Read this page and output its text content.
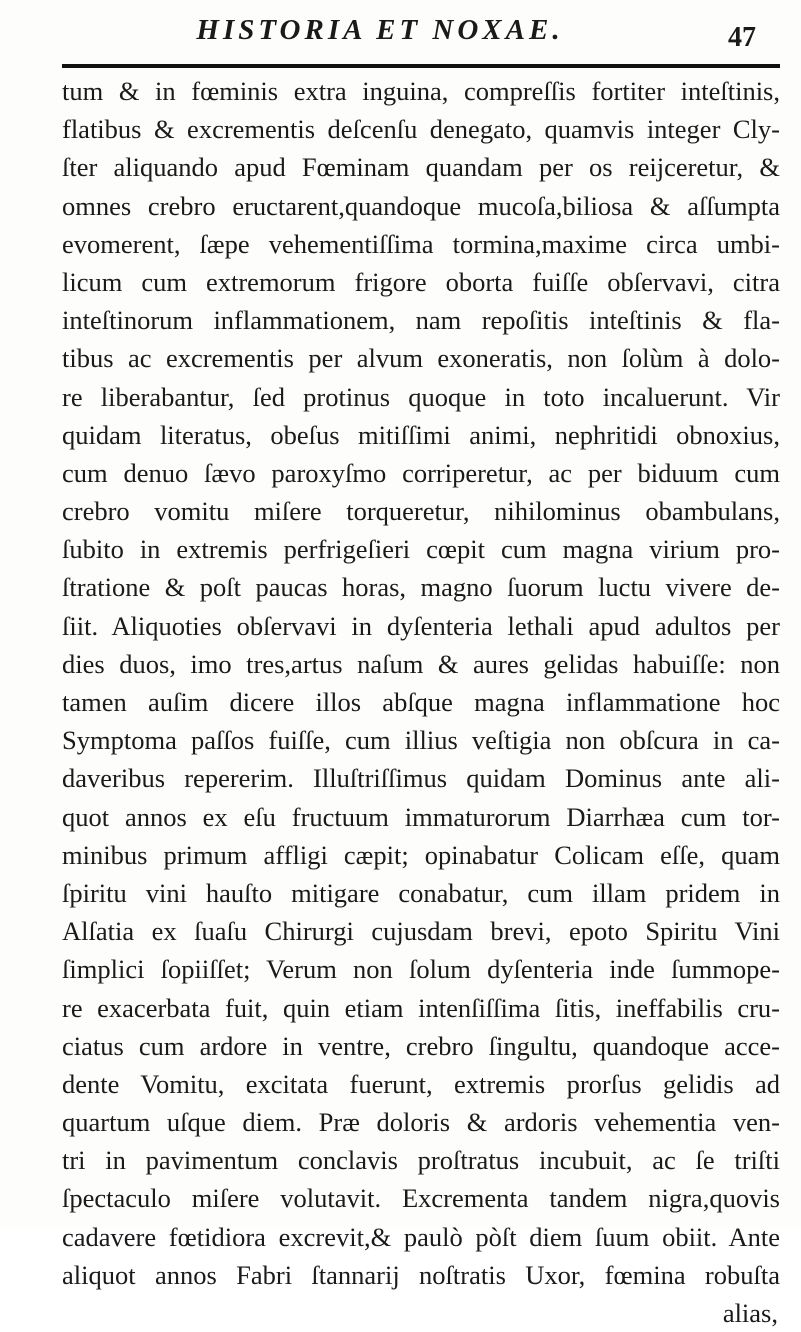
HISTORIA ET NOXAE.	47
tum & in fœminis extra inguina, compreſſis fortiter inteſtinis,
flatibus & excrementis deſcenſu denegato, quamvis integer Cly-
ſter aliquando apud Fœminam quandam per os reijceretur, &
omnes crebro eructarent,quandoque mucoſa,biliosa & aſſumpta
evomerent, ſæpe vehementiſſima tormina,maxime circa umbi-
licum cum extremorum frigore oborta fuiſſe obſervavi, citra
inteſtinorum inflammationem, nam repoſitis inteſtinis & fla-
tibus ac excrementis per alvum exoneratis, non ſolùm à dolo-
re liberabantur, ſed protinus quoque in toto incaluerunt. Vir
quidam literatus, obeſus mitiſſimi animi, nephritidi obnoxius,
cum denuo ſævo paroxyſmo corriperetur, ac per biduum cum
crebro vomitu miſere torqueretur, nihilominus obambulans,
ſubito in extremis perfrigeſieri cœpit cum magna virium pro-
ſtratione & poſt paucas horas, magno ſuorum luctu vivere de-
ſiit. Aliquoties obſervavi in dyſenteria lethali apud adultos per
dies duos, imo tres,artus naſum & aures gelidas habuiſſe: non
tamen auſim dicere illos abſque magna inflammatione hoc
Symptoma paſſos fuiſſe, cum illius veſtigia non obſcura in ca-
daveribus repererim. Illuſtriſſimus quidam Dominus ante ali-
quot annos ex eſu fructuum immaturorum Diarrhæa cum tor-
minibus primum affligi cæpit; opinabatur Colicam eſſe, quam
ſpiritu vini hauſto mitigare conabatur, cum illam pridem in
Alſatia ex ſuaſu Chirurgi cujusdam brevi, epoto Spiritu Vini
ſimplici ſopiiſſet; Verum non ſolum dyſenteria inde ſummope-
re exacerbata fuit, quin etiam intenſiſſima ſitis, ineffabilis cru-
ciatus cum ardore in ventre, crebro ſingultu, quandoque acce-
dente Vomitu, excitata fuerunt, extremis prorſus gelidis ad
quartum uſque diem. Præ doloris & ardoris vehementia ven-
tri in pavimentum conclavis proſtratus incubuit, ac ſe triſti
ſpectaculo miſere volutavit. Excrementa tandem nigra,quovis
cadavere fœtidiora excrevit,& paulò pòſt diem ſuum obiit. Ante
aliquot annos Fabri ſtannarij noſtratis Uxor, fœmina robuſta
alias,
